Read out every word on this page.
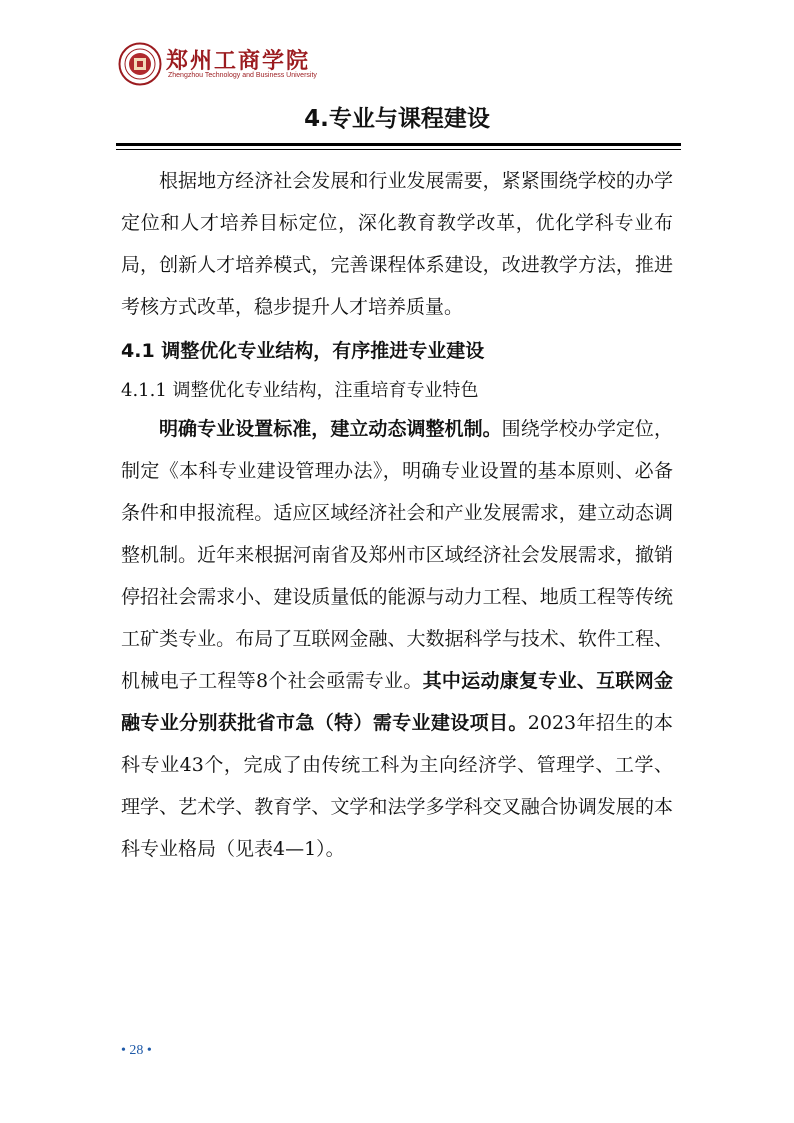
郑州工商学院
Zhengzhou Technology and Business University
4.专业与课程建设

根据地方经济社会发展和行业发展需要，紧紧围绕学校的办学定位和人才培养目标定位，深化教育教学改革，优化学科专业布局，创新人才培养模式，完善课程体系建设，改进教学方法，推进考核方式改革，稳步提升人才培养质量。

4.1 调整优化专业结构，有序推进专业建设

4.1.1 调整优化专业结构，注重培育专业特色

明确专业设置标准，建立动态调整机制。围绕学校办学定位，制定《本科专业建设管理办法》，明确专业设置的基本原则、必备条件和申报流程。适应区域经济社会和产业发展需求，建立动态调整机制。近年来根据河南省及郑州市区域经济社会发展需求，撤销停招社会需求小、建设质量低的能源与动力工程、地质工程等传统工矿类专业。布局了互联网金融、大数据科学与技术、软件工程、机械电子工程等8个社会亟需专业。其中运动康复专业、互联网金融专业分别获批省市急（特）需专业建设项目。2023年招生的本科专业43个，完成了由传统工科为主向经济学、管理学、工学、理学、艺术学、教育学、文学和法学多学科交叉融合协调发展的本科专业格局（见表4—1）。

• 28 •
